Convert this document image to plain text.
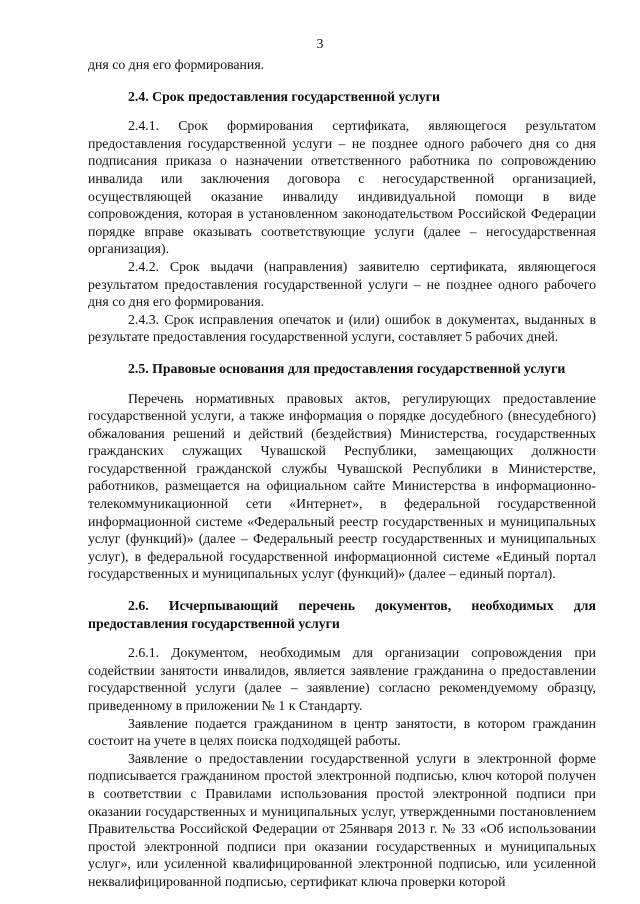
3

дня со дня его формирования.

2.4. Срок предоставления государственной услуги

2.4.1. Срок формирования сертификата, являющегося результатом предоставления государственной услуги – не позднее одного рабочего дня со дня подписания приказа о назначении ответственного работника по сопровождению инвалида или заключения договора с негосударственной организацией, осуществляющей оказание инвалиду индивидуальной помощи в виде сопровождения, которая в установленном законодательством Российской Федерации порядке вправе оказывать соответствующие услуги (далее – негосударственная организация).

2.4.2. Срок выдачи (направления) заявителю сертификата, являющегося результатом предоставления государственной услуги – не позднее одного рабочего дня со дня его формирования.

2.4.3. Срок исправления опечаток и (или) ошибок в документах, выданных в результате предоставления государственной услуги, составляет 5 рабочих дней.

2.5. Правовые основания для предоставления государственной услуги

Перечень нормативных правовых актов, регулирующих предоставление государственной услуги, а также информация о порядке досудебного (внесудебного) обжалования решений и действий (бездействия) Министерства, государственных гражданских служащих Чувашской Республики, замещающих должности государственной гражданской службы Чувашской Республики в Министерстве, работников, размещается на официальном сайте Министерства в информационно-телекоммуникационной сети «Интернет», в федеральной государственной информационной системе «Федеральный реестр государственных и муниципальных услуг (функций)» (далее – Федеральный реестр государственных и муниципальных услуг), в федеральной государственной информационной системе «Единый портал государственных и муниципальных услуг (функций)» (далее – единый портал).

2.6. Исчерпывающий перечень документов, необходимых для предоставления государственной услуги

2.6.1. Документом, необходимым для организации сопровождения при содействии занятости инвалидов, является заявление гражданина о предоставлении государственной услуги (далее – заявление) согласно рекомендуемому образцу, приведенному в приложении № 1 к Стандарту.

Заявление подается гражданином в центр занятости, в котором гражданин состоит на учете в целях поиска подходящей работы.

Заявление о предоставлении государственной услуги в электронной форме подписывается гражданином простой электронной подписью, ключ которой получен в соответствии с Правилами использования простой электронной подписи при оказании государственных и муниципальных услуг, утвержденными постановлением Правительства Российской Федерации от 25января 2013 г. № 33 «Об использовании простой электронной подписи при оказании государственных и муниципальных услуг», или усиленной квалифицированной электронной подписью, или усиленной неквалифицированной подписью, сертификат ключа проверки которой
